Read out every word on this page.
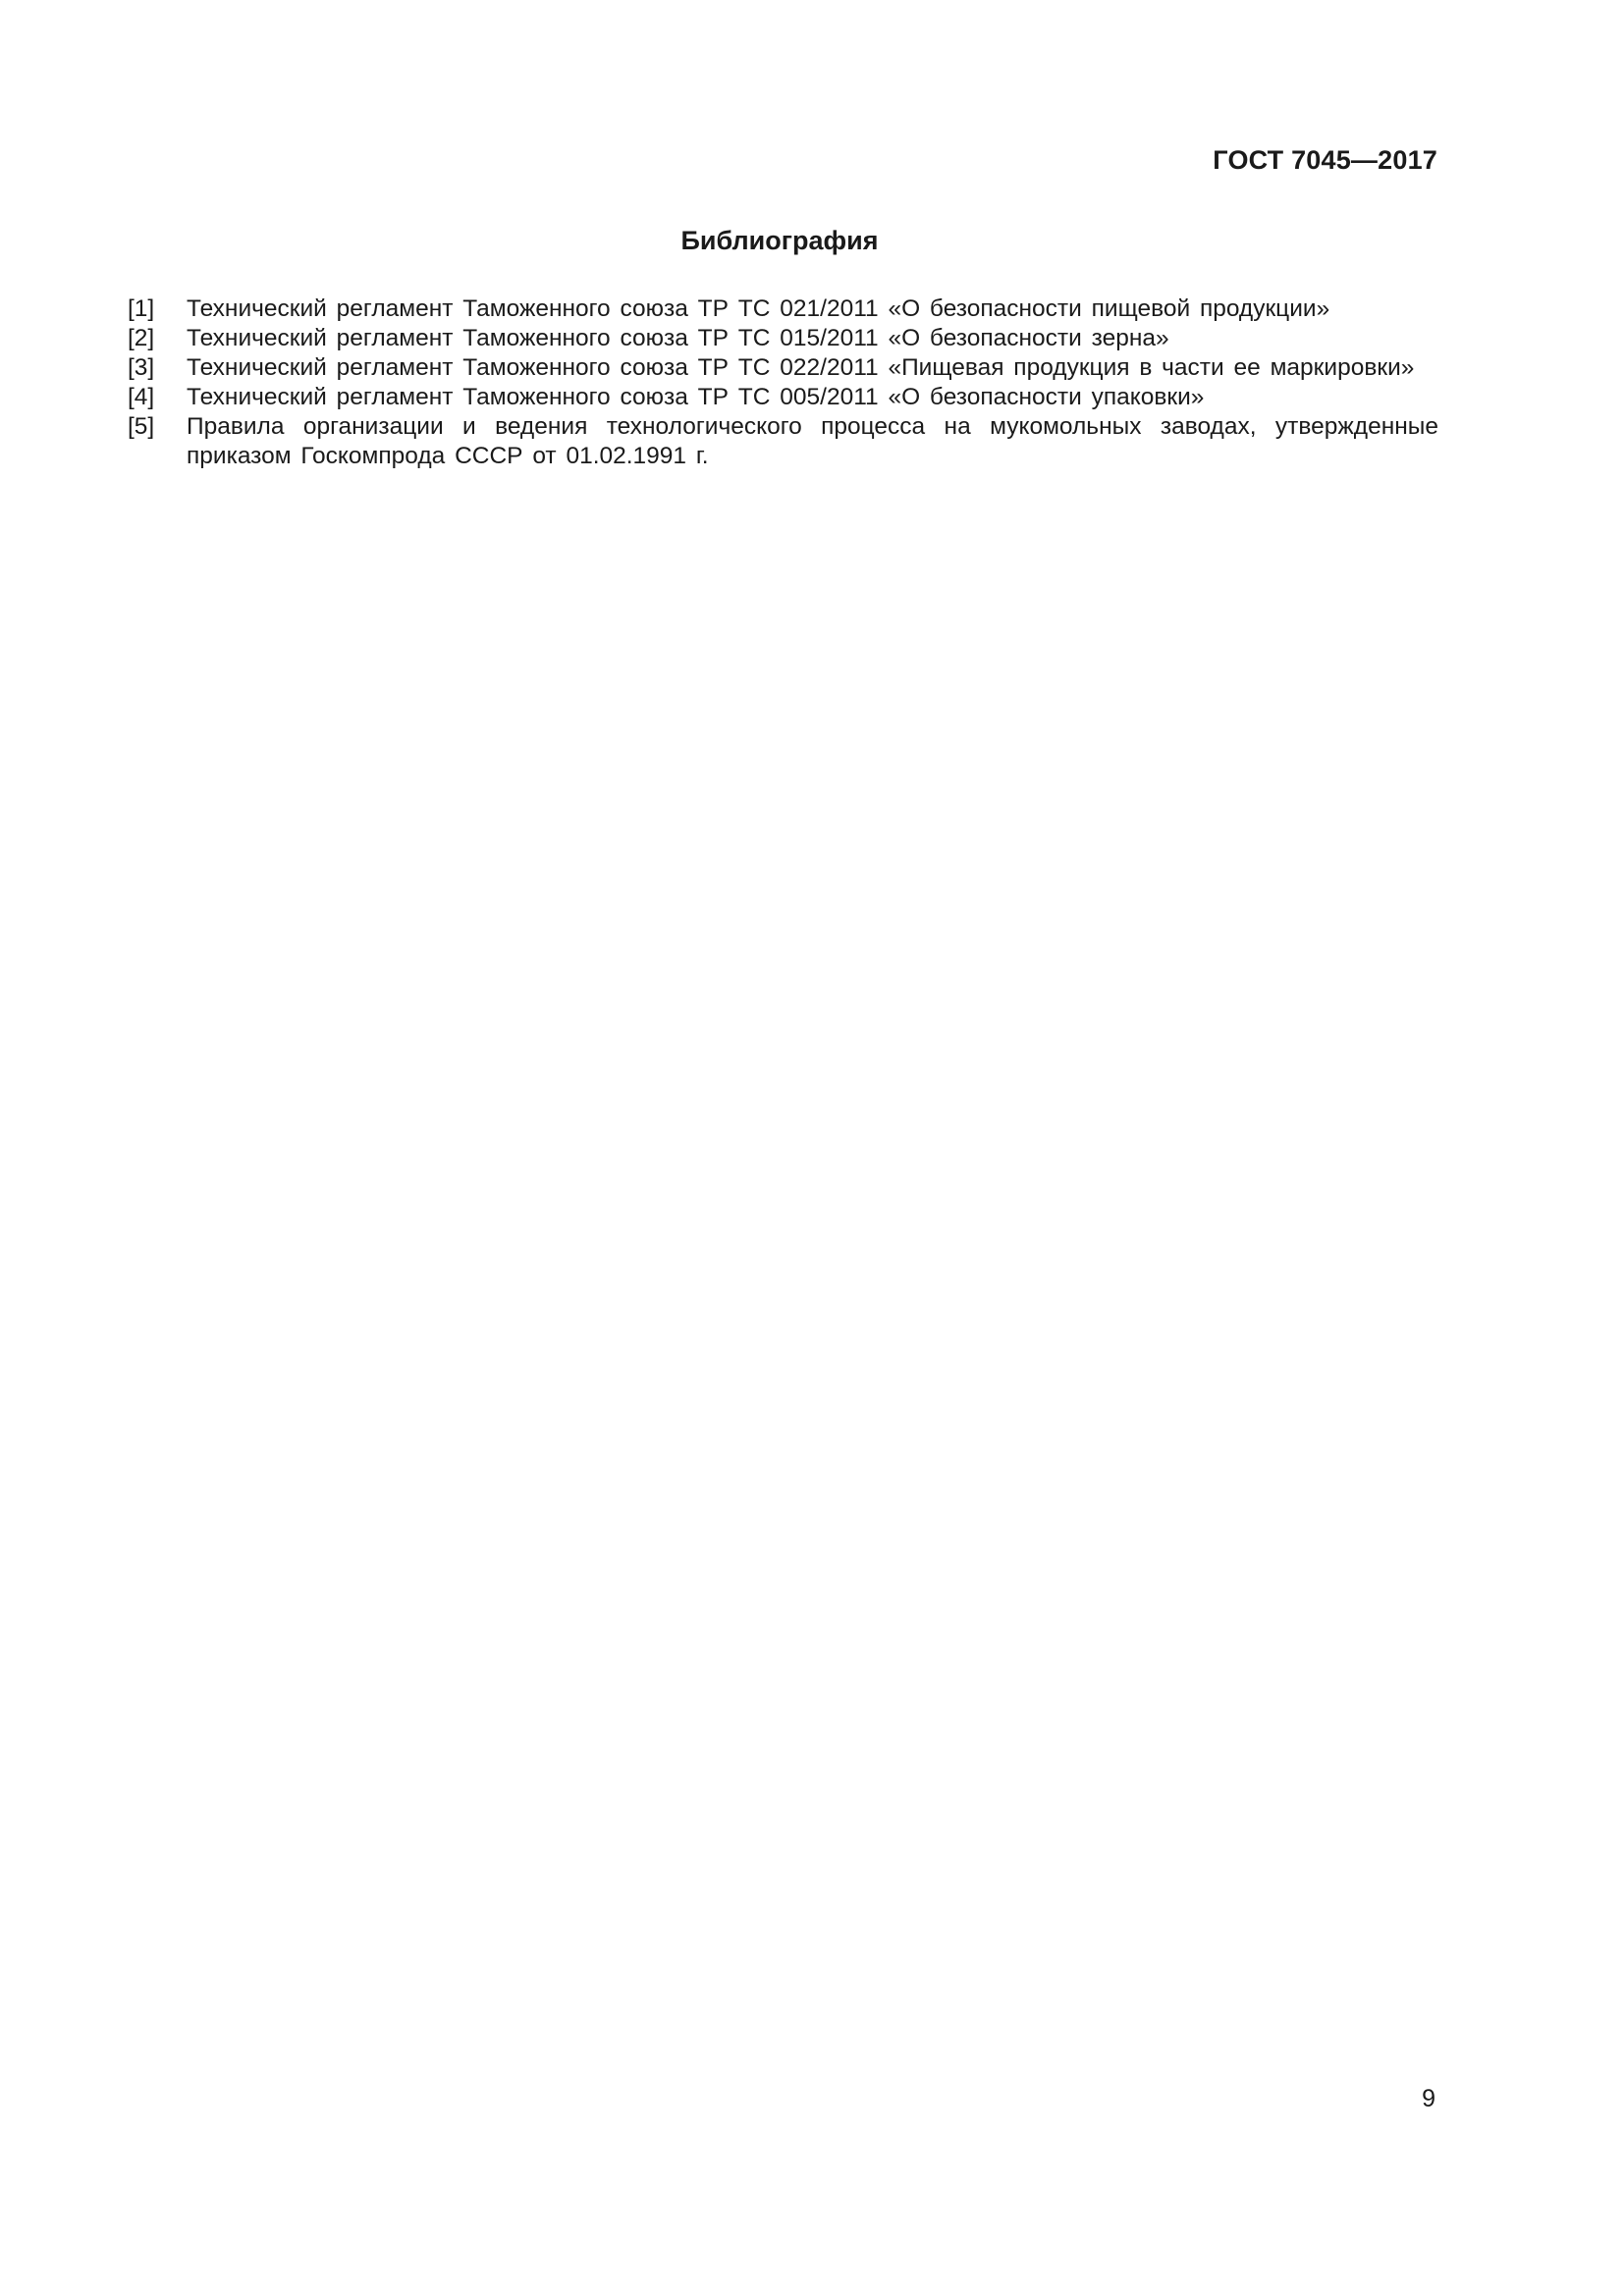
ГОСТ 7045—2017
Библиография
[1]	Технический регламент Таможенного союза ТР ТС 021/2011 «О безопасности пищевой продукции»
[2]	Технический регламент Таможенного союза ТР ТС 015/2011 «О безопасности зерна»
[3]	Технический регламент Таможенного союза ТР ТС 022/2011 «Пищевая продукция в части ее маркировки»
[4]	Технический регламент Таможенного союза ТР ТС 005/2011 «О безопасности упаковки»
[5]	Правила организации и ведения технологического процесса на мукомольных заводах, утвержденные приказом Госкомпрода СССР от 01.02.1991 г.
9
